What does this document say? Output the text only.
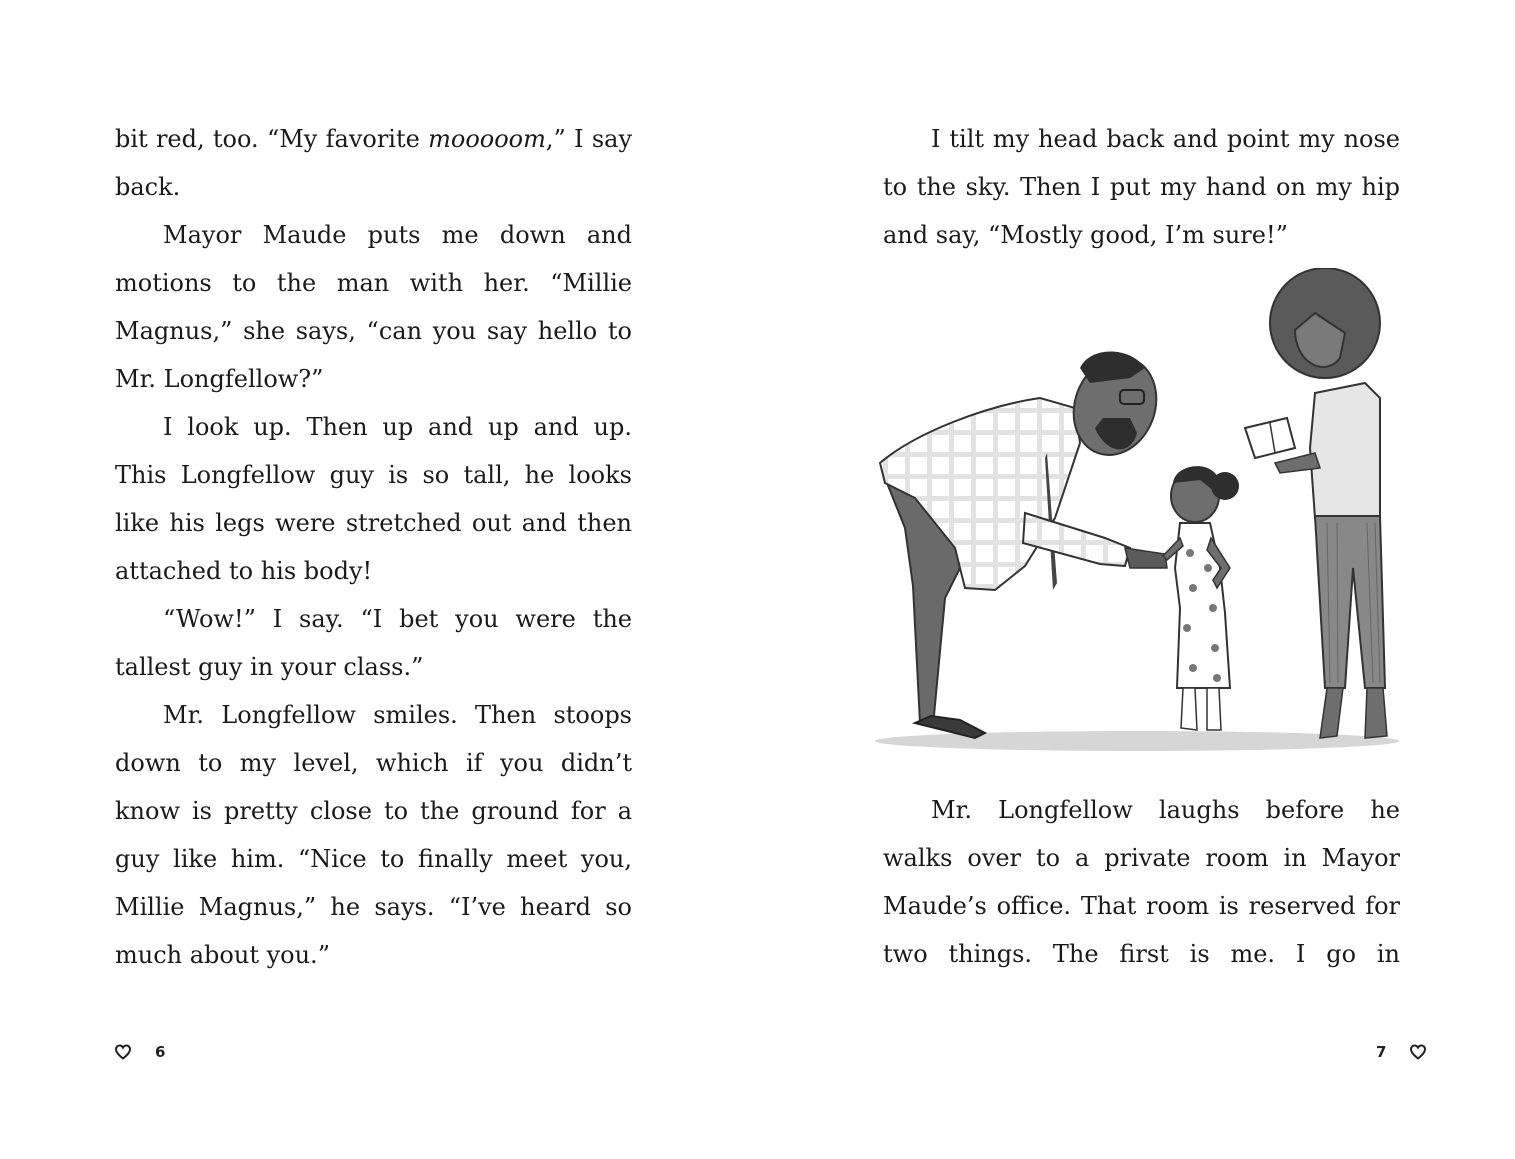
bit red, too. “My favorite mooooom,” I say back.

Mayor Maude puts me down and motions to the man with her. “Millie Magnus,” she says, “can you say hello to Mr. Longfellow?”

I look up. Then up and up and up. This Longfellow guy is so tall, he looks like his legs were stretched out and then attached to his body!

“Wow!” I say. “I bet you were the tallest guy in your class.”

Mr. Longfellow smiles. Then stoops down to my level, which if you didn’t know is pretty close to the ground for a guy like him. “Nice to finally meet you, Millie Magnus,” he says. “I’ve heard so much about you.”

6

I tilt my head back and point my nose to the sky. Then I put my hand on my hip and say, “Mostly good, I’m sure!”

Mr. Longfellow laughs before he walks over to a private room in Mayor Maude’s office. That room is reserved for two things. The first is me. I go in

7
